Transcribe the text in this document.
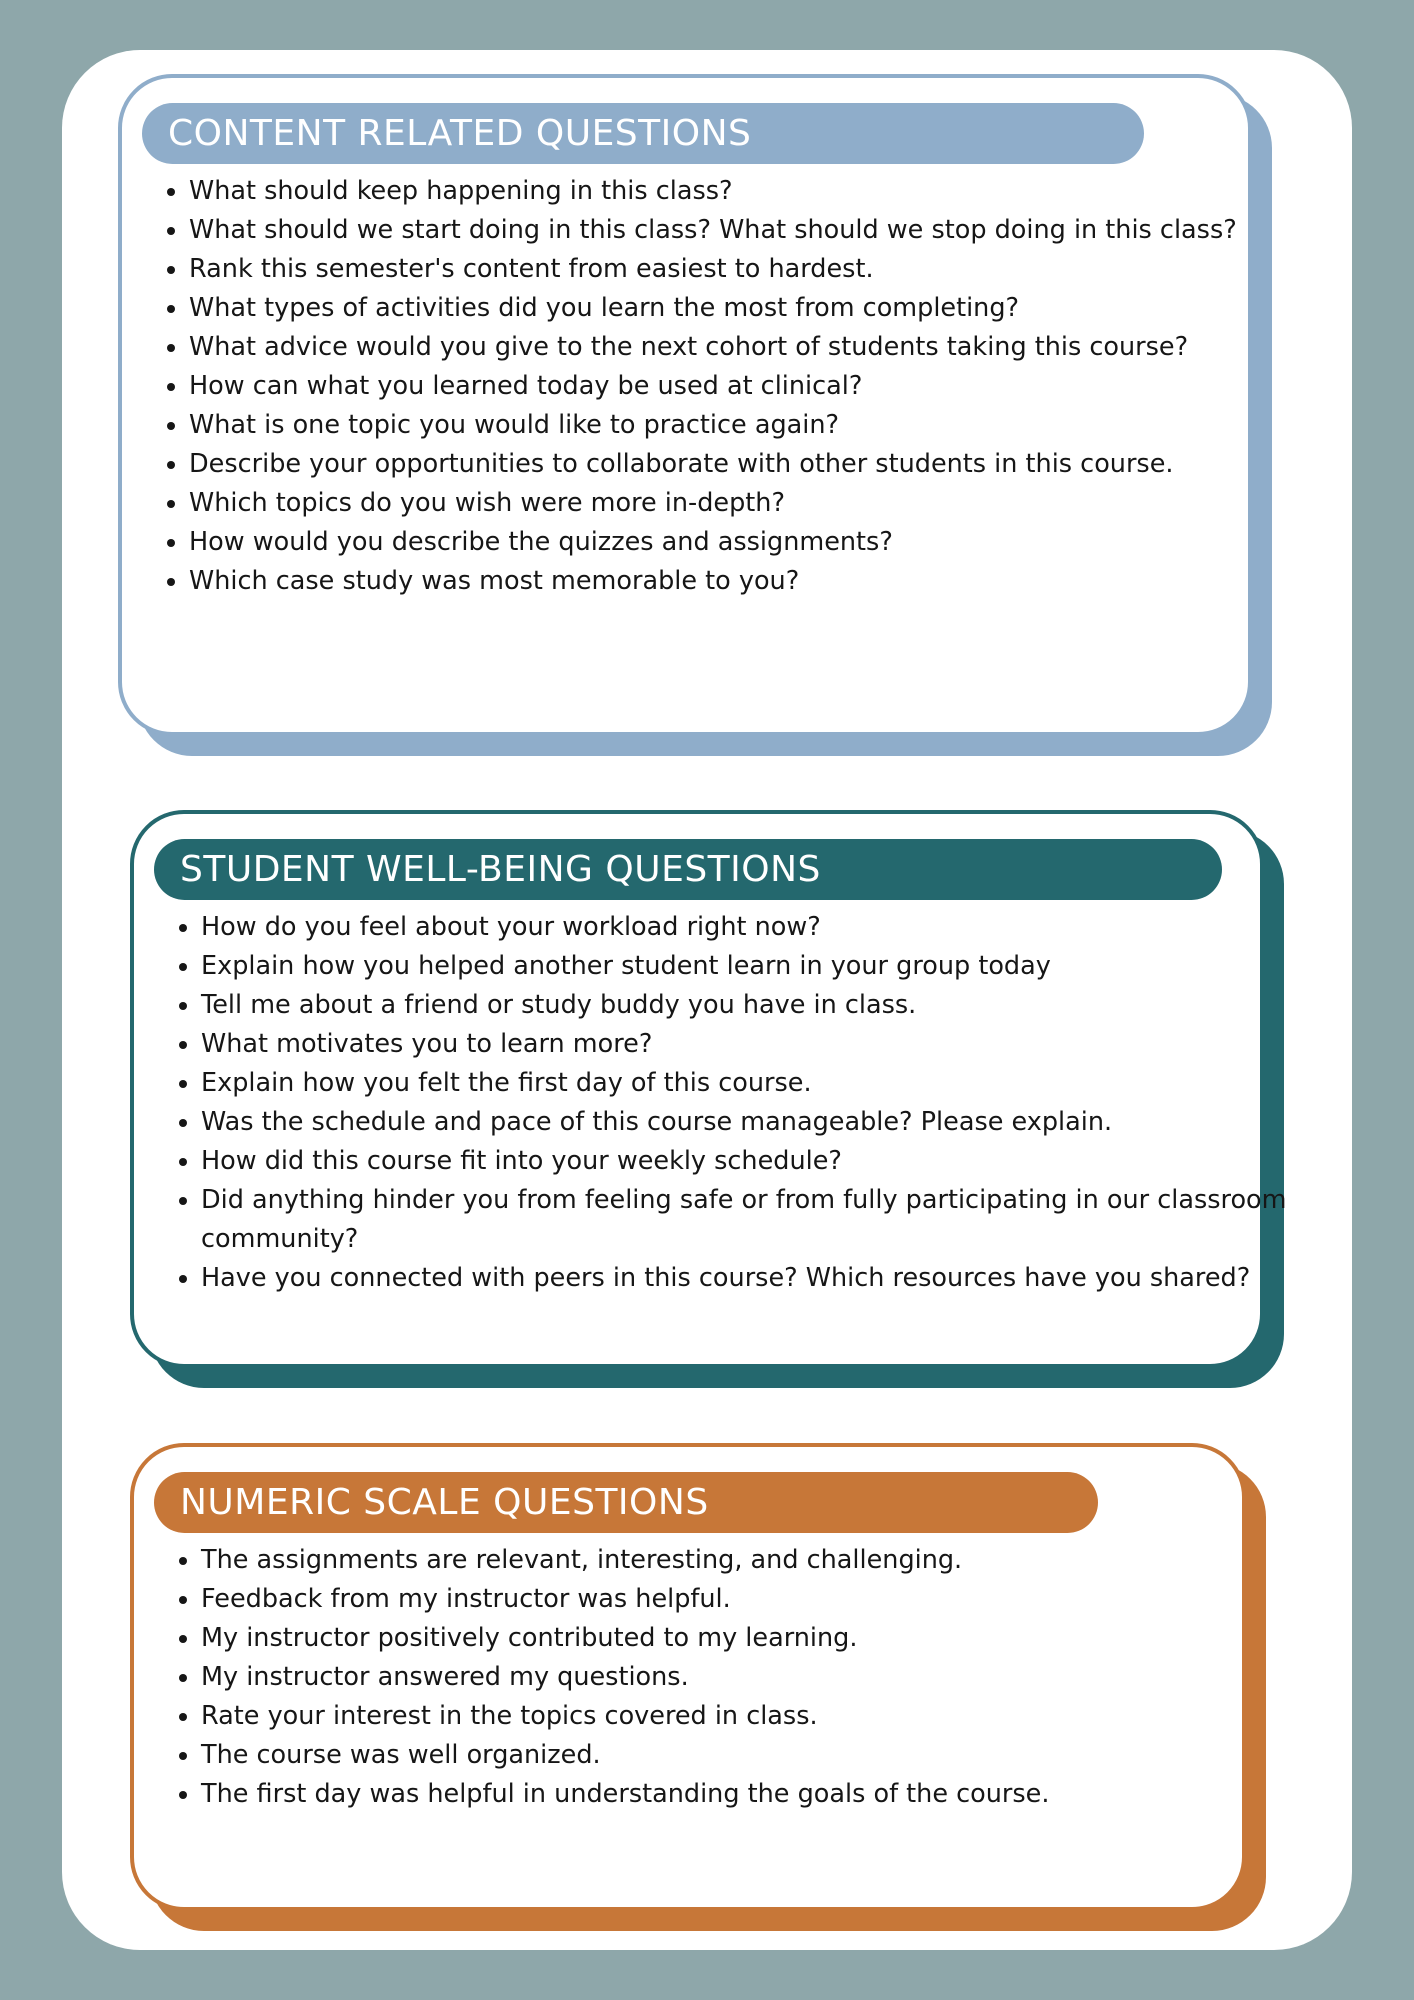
CONTENT RELATED QUESTIONS
• What should keep happening in this class?
• What should we start doing in this class? What should we stop doing in this class?
• Rank this semester's content from easiest to hardest.
• What types of activities did you learn the most from completing?
• What advice would you give to the next cohort of students taking this course?
• How can what you learned today be used at clinical?
• What is one topic you would like to practice again?
• Describe your opportunities to collaborate with other students in this course.
• Which topics do you wish were more in-depth?
• How would you describe the quizzes and assignments?
• Which case study was most memorable to you?
STUDENT WELL-BEING QUESTIONS
• How do you feel about your workload right now?
• Explain how you helped another student learn in your group today
• Tell me about a friend or study buddy you have in class.
• What motivates you to learn more?
• Explain how you felt the first day of this course.
• Was the schedule and pace of this course manageable? Please explain.
• How did this course fit into your weekly schedule?
• Did anything hinder you from feeling safe or from fully participating in our classroom community?
• Have you connected with peers in this course? Which resources have you shared?
NUMERIC SCALE QUESTIONS
• The assignments are relevant, interesting, and challenging.
• Feedback from my instructor was helpful.
• My instructor positively contributed to my learning.
• My instructor answered my questions.
• Rate your interest in the topics covered in class.
• The course was well organized.
• The first day was helpful in understanding the goals of the course.
